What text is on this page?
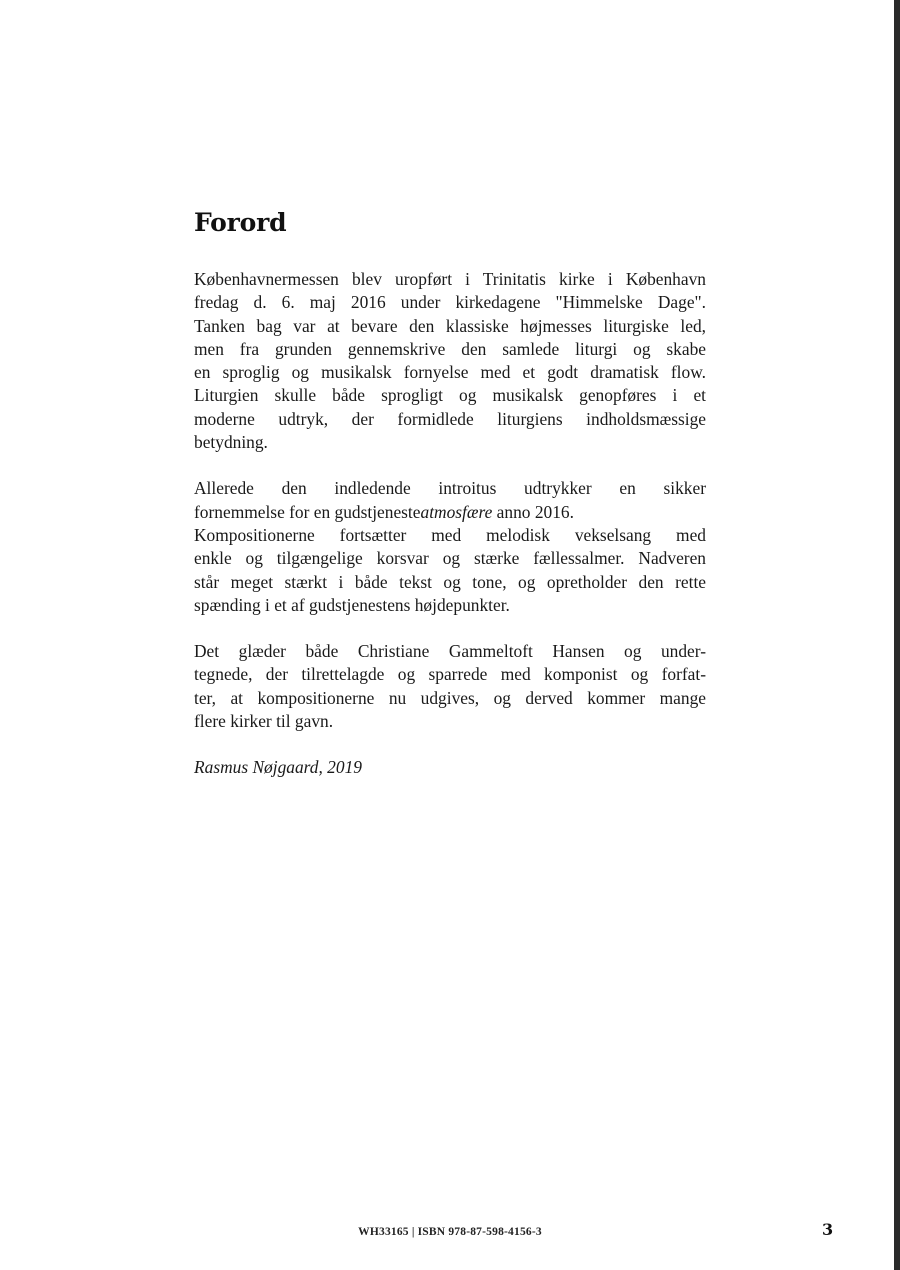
Forord
Københavnermessen blev uropført i Trinitatis kirke i København
fredag d. 6. maj 2016 under kirkedagene "Himmelske Dage".
Tanken bag var at bevare den klassiske højmesses liturgiske led,
men fra grunden gennemskrive den samlede liturgi og skabe
en sproglig og musikalsk fornyelse med et godt dramatisk flow.
Liturgien skulle både sprogligt og musikalsk genopføres i et
moderne udtryk, der formidlede liturgiens indholdsmæssige
betydning.
Allerede den indledende introitus udtrykker en sikker
fornemmelse for en gudstjenesteatmosfære anno 2016.
Kompositionerne fortsætter med melodisk vekselsang med
enkle og tilgængelige korsvar og stærke fællessalmer. Nadveren
står meget stærkt i både tekst og tone, og opretholder den rette
spænding i et af gudstjenestens højdepunkter.
Det glæder både Christiane Gammeltoft Hansen og under-
tegnede, der tilrettelagde og sparrede med komponist og forfat-
ter, at kompositionerne nu udgives, og derved kommer mange
flere kirker til gavn.

Rasmus Nøjgaard, 2019

WH33165 | ISBN 978-87-598-4156-3	3
